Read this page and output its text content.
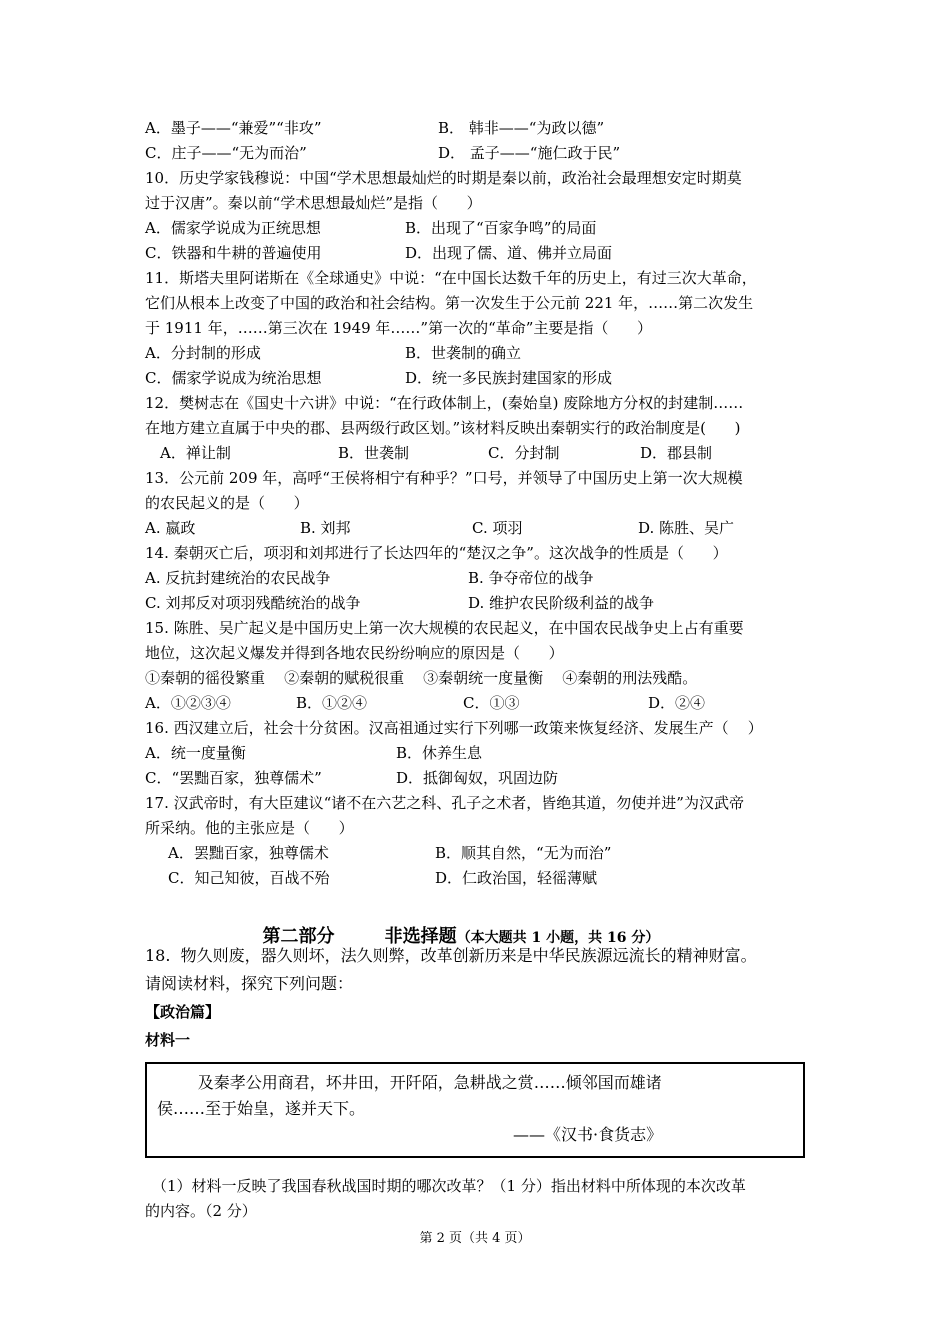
A．墨子——“兼爱”“非攻”	B． 韩非——“为政以德”
C．庄子——“无为而治”	D． 孟子——“施仁政于民”
10．历史学家钱穆说：中国“学术思想最灿烂的时期是秦以前，政治社会最理想安定时期莫
过于汉唐”。秦以前“学术思想最灿烂”是指（      ）
A．儒家学说成为正统思想	B．出现了“百家争鸣”的局面
C．铁器和牛耕的普遍使用	D．出现了儒、道、佛并立局面
11．斯塔夫里阿诺斯在《全球通史》中说：“在中国长达数千年的历史上，有过三次大革命，
它们从根本上改变了中国的政治和社会结构。第一次发生于公元前 221 年，……第二次发生
于 1911 年，……第三次在 1949 年……”第一次的“革命”主要是指（      ）
A．分封制的形成	B．世袭制的确立
C．儒家学说成为统治思想	D．统一多民族封建国家的形成
12．樊树志在《国史十六讲》中说：“在行政体制上，(秦始皇) 废除地方分权的封建制……
在地方建立直属于中央的郡、县两级行政区划。”该材料反映出秦朝实行的政治制度是(      )
A．禅让制	B．世袭制	C．分封制	D．郡县制
13．公元前 209 年，高呼“王侯将相宁有种乎？”口号，并领导了中国历史上第一次大规模
的农民起义的是（      ）
A. 嬴政	B. 刘邦	C. 项羽	D. 陈胜、吴广
14. 秦朝灭亡后，项羽和刘邦进行了长达四年的“楚汉之争”。这次战争的性质是（      ）
A. 反抗封建统治的农民战争	B. 争夺帝位的战争
C. 刘邦反对项羽残酷统治的战争	D. 维护农民阶级利益的战争
15. 陈胜、吴广起义是中国历史上第一次大规模的农民起义，在中国农民战争史上占有重要
地位，这次起义爆发并得到各地农民纷纷响应的原因是（      ）
①秦朝的徭役繁重    ②秦朝的赋税很重    ③秦朝统一度量衡    ④秦朝的刑法残酷。
A．①②③④	B．①②④	C．①③	D．②④
16. 西汉建立后，社会十分贫困。汉高祖通过实行下列哪一政策来恢复经济、发展生产（    ）
A．统一度量衡	B．休养生息
C．“罢黜百家，独尊儒术”	D．抵御匈奴，巩固边防
17. 汉武帝时，有大臣建议“诸不在六艺之科、孔子之术者，皆绝其道，勿使并进”为汉武帝
所采纳。他的主张应是（      ）
A．罢黜百家，独尊儒术	B．顺其自然，“无为而治”
C．知己知彼，百战不殆	D．仁政治国，轻徭薄赋

第二部分        非选择题（本大题共 1 小题，共 16 分）

18.  物久则废，器久则坏，法久则弊，改革创新历来是中华民族源远流长的精神财富。
请阅读材料，探究下列问题：
【政治篇】
材料一
及秦孝公用商君，坏井田，开阡陌，急耕战之赏……倾邻国而雄诸
侯……至于始皇，遂并天下。
——《汉书·食货志》
（1）材料一反映了我国春秋战国时期的哪次改革？（1 分）指出材料中所体现的本次改革
的内容。（2 分）
第 2 页（共 4 页）
